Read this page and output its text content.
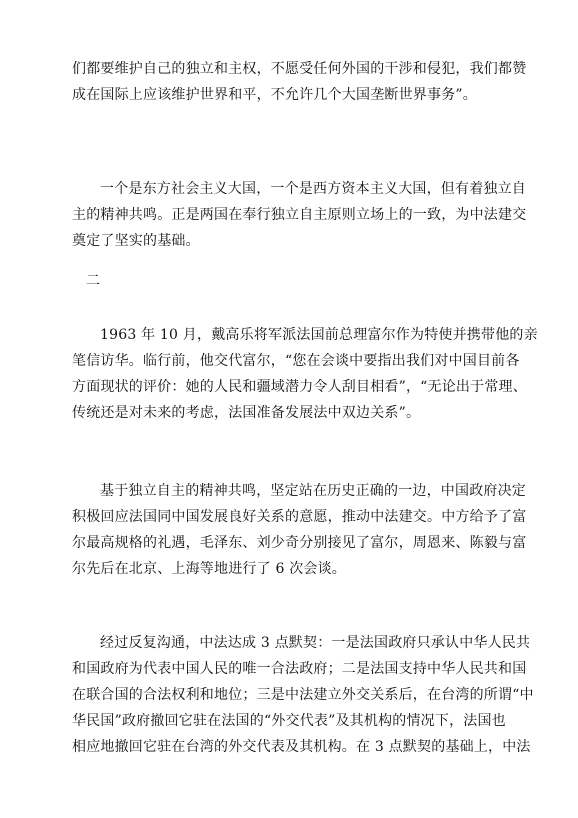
们都要维护自己的独立和主权，不愿受任何外国的干涉和侵犯，我们都赞
成在国际上应该维护世界和平，不允许几个大国垄断世界事务”。
一个是东方社会主义大国，一个是西方资本主义大国，但有着独立自
主的精神共鸣。正是两国在奉行独立自主原则立场上的一致，为中法建交
奠定了坚实的基础。
二
1963 年 10 月，戴高乐将军派法国前总理富尔作为特使并携带他的亲
笔信访华。临行前，他交代富尔，“您在会谈中要指出我们对中国目前各
方面现状的评价：她的人民和疆域潜力令人刮目相看”，“无论出于常理、
传统还是对未来的考虑，法国准备发展法中双边关系”。
基于独立自主的精神共鸣，坚定站在历史正确的一边，中国政府决定
积极回应法国同中国发展良好关系的意愿，推动中法建交。中方给予了富
尔最高规格的礼遇，毛泽东、刘少奇分别接见了富尔，周恩来、陈毅与富
尔先后在北京、上海等地进行了 6 次会谈。
经过反复沟通，中法达成 3 点默契：一是法国政府只承认中华人民共
和国政府为代表中国人民的唯一合法政府；二是法国支持中华人民共和国
在联合国的合法权利和地位；三是中法建立外交关系后，在台湾的所谓“中
华民国”政府撤回它驻在法国的“外交代表”及其机构的情况下，法国也
相应地撤回它驻在台湾的外交代表及其机构。在 3 点默契的基础上，中法
